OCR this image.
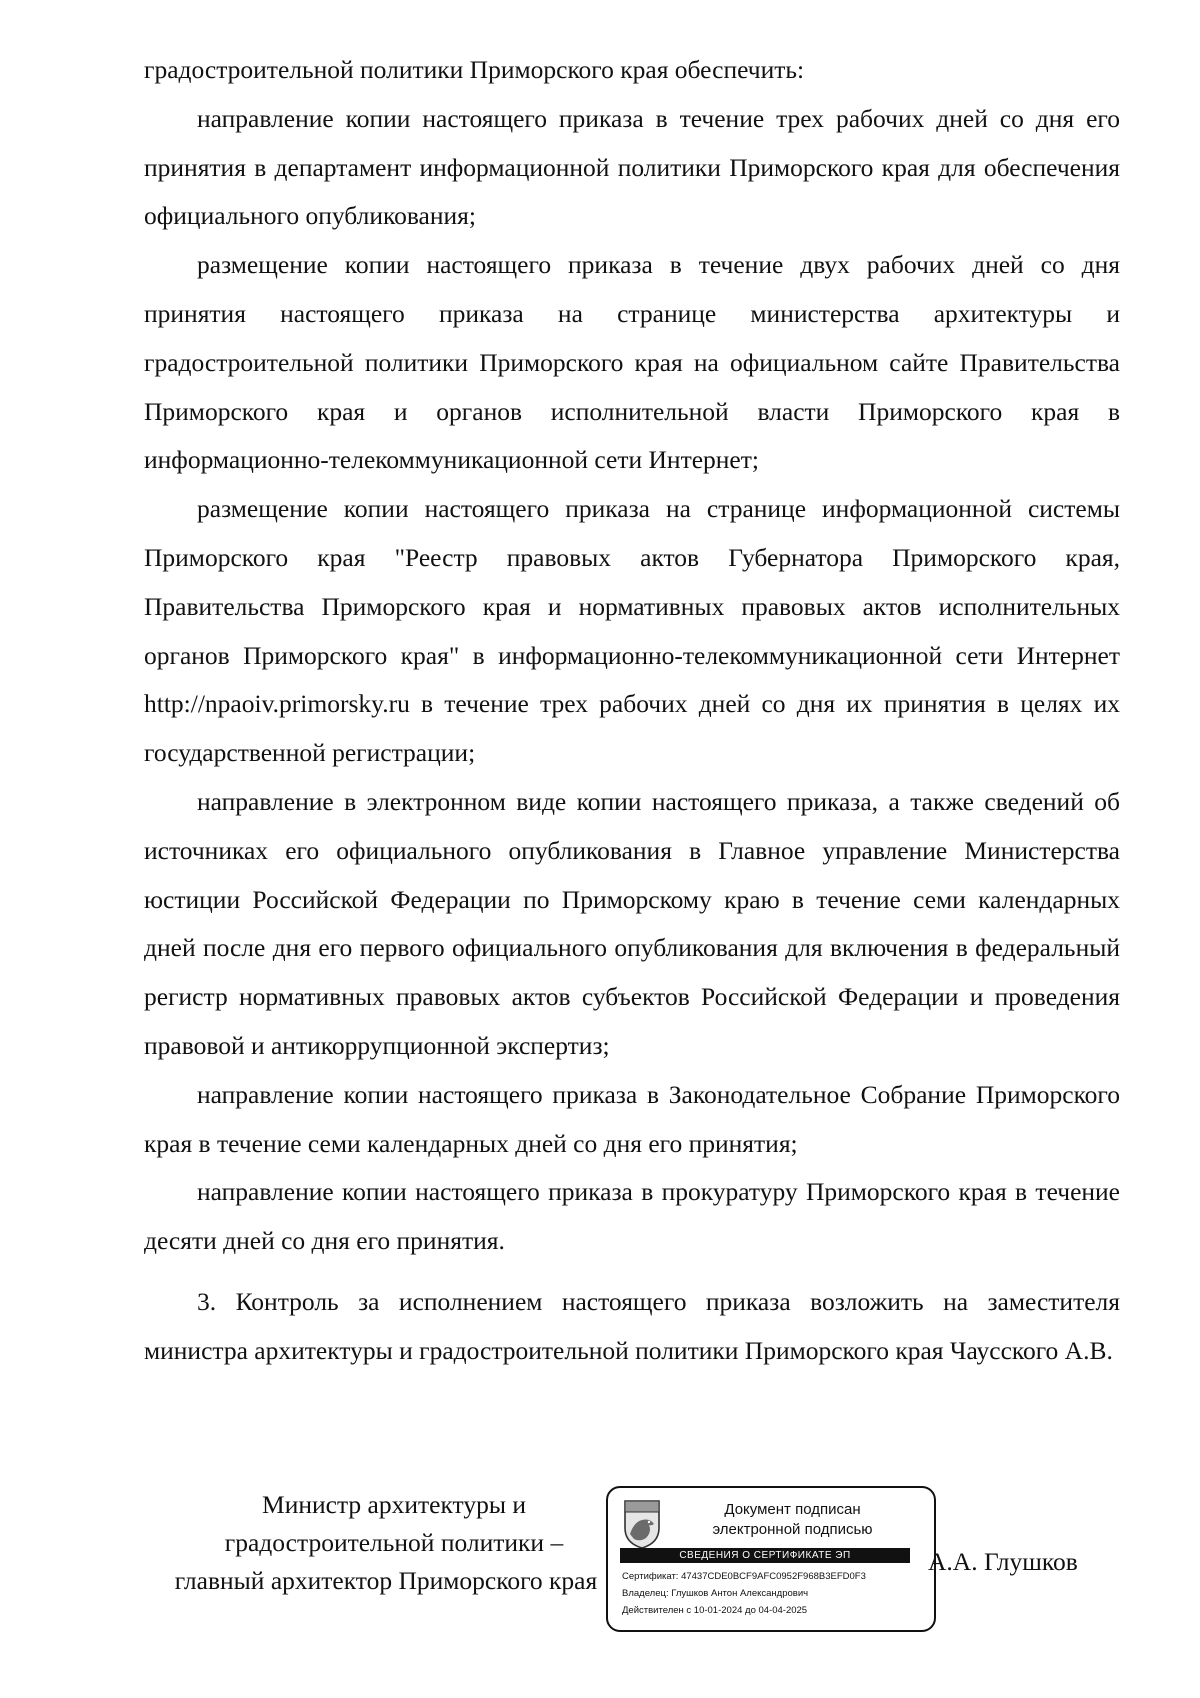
градостроительной политики Приморского края обеспечить:

направление копии настоящего приказа в течение трех рабочих дней со дня его принятия в департамент информационной политики Приморского края для обеспечения официального опубликования;

размещение копии настоящего приказа в течение двух рабочих дней со дня принятия настоящего приказа на странице министерства архитектуры и градостроительной политики Приморского края на официальном сайте Правительства Приморского края и органов исполнительной власти Приморского края в информационно-телекоммуникационной сети Интернет;

размещение копии настоящего приказа на странице информационной системы Приморского края "Реестр правовых актов Губернатора Приморского края, Правительства Приморского края и нормативных правовых актов исполнительных органов Приморского края" в информационно-телекоммуникационной сети Интернет http://npaoiv.primorsky.ru в течение трех рабочих дней со дня их принятия в целях их государственной регистрации;

направление в электронном виде копии настоящего приказа, а также сведений об источниках его официального опубликования в Главное управление Министерства юстиции Российской Федерации по Приморскому краю в течение семи календарных дней после дня его первого официального опубликования для включения в федеральный регистр нормативных правовых актов субъектов Российской Федерации и проведения правовой и антикоррупционной экспертиз;

направление копии настоящего приказа в Законодательное Собрание Приморского края в течение семи календарных дней со дня его принятия;

направление копии настоящего приказа в прокуратуру Приморского края в течение десяти дней со дня его принятия.

3. Контроль за исполнением настоящего приказа возложить на заместителя министра архитектуры и градостроительной политики Приморского края Чаусского А.В.

Министр архитектуры и
градостроительной политики –
главный архитектор Приморского края
Документ подписан
электронной подписью
СВЕДЕНИЯ О СЕРТИФИКАТЕ ЭП
Сертификат: 47437CDE0BCF9AFC0952F968B3EFD0F3
Владелец: Глушков Антон Александрович
Действителен с 10-01-2024 до 04-04-2025
А.А. Глушков
